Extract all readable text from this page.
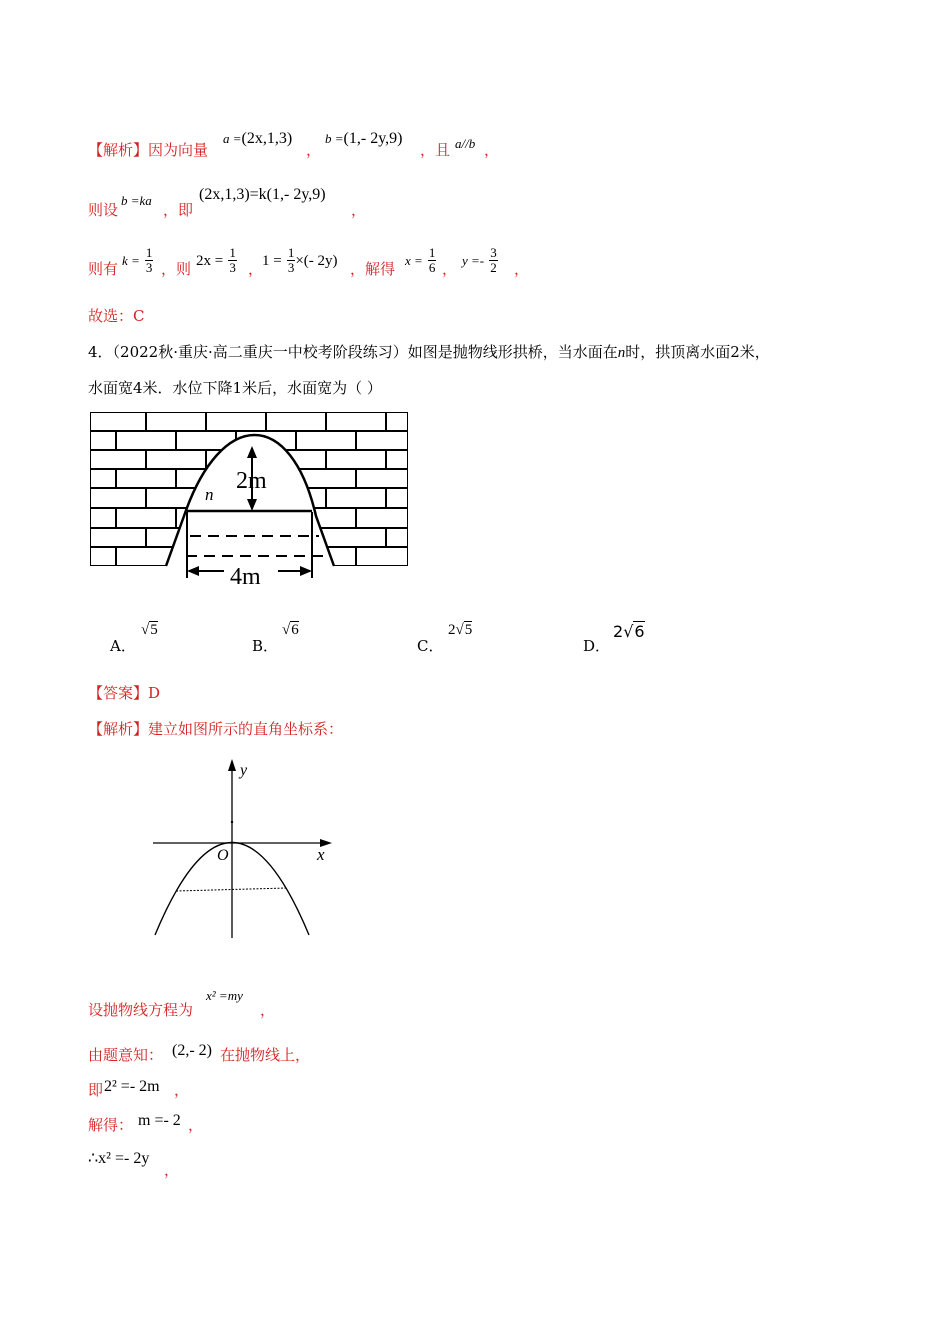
【解析】因为向量
a =(2x,1,3)
，
b =(1,- 2y,9)
，且 a//b ，
则设
b =ka
，即
(2x,1,3)=k(1,- 2y,9)
，
则有 $k = \frac{1}{3}$ ，则 $2x = \frac{1}{3}$ ，
$1 = \frac{1}{3}$ ×(- 2y) ，解得 $x = \frac{1}{6}$ ， $y =- \frac{3}{2}$ ，
故选：C
4．（2022秋·重庆·高二重庆一中校考阶段练习）如图是抛物线形拱桥，当水面在n时，拱顶离水面2米，
水面宽4米．水位下降1米后，水面宽为（ ）
2m
n
4m
A．
√5
B．
√6
C．
2√5
D．
2√6
【答案】D
【解析】建立如图所示的直角坐标系：
y
x
O
设抛物线方程为
x² =my
，
由题意知： (2,- 2) 在抛物线上，
即 2² =- 2m ，
解得： m =- 2 ，
∴x² =- 2y
，
